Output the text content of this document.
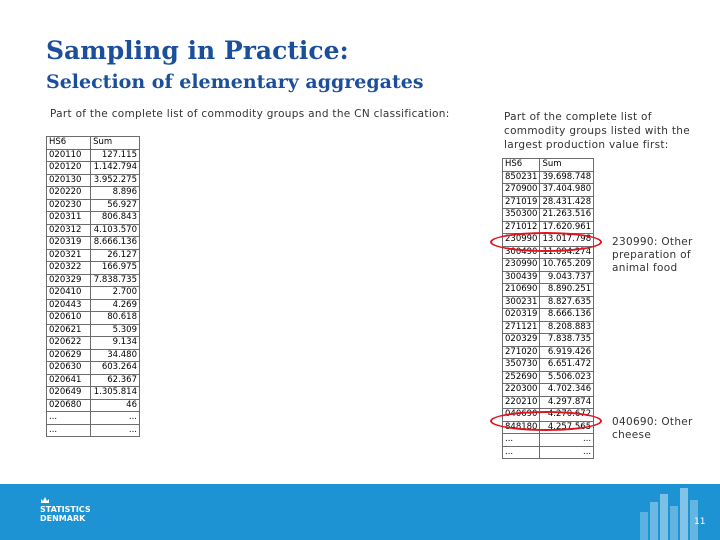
Sampling in Practice:
Selection of elementary aggregates
Part of the complete list of commodity groups and the CN classification:	Part of the complete list of commodity groups listed with the largest production value first:
HS6	Sum
020110	127.115
020120	1.142.794
020130	3.952.275
020220	8.896
020230	56.927
020311	806.843
020312	4.103.570
020319	8.666.136
020321	26.127
020322	166.975
020329	7.838.735
020410	2.700
020443	4.269
020610	80.618
020621	5.309
020622	9.134
020629	34.480
020630	603.264
020641	62.367
020649	1.305.814
020680	46
...	...
...	...
HS6	Sum
850231	39.698.748
270900	37.404.980
271019	28.431.428
350300	21.263.516
271012	17.620.961
230990	13.017.798
300490	11.094.274
230990	10.765.209
300439	9.043.737
210690	8.890.251
300231	8.827.635
020319	8.666.136
271121	8.208.883
020329	7.838.735
271020	6.919.426
350730	6.651.472
252690	5.506.023
220300	4.702.346
220210	4.297.874
040690	4.270.672
848180	4.257.565
...	...
...	...
230990: Other preparation of animal food
040690: Other cheese
STATISTICS
DENMARK	11
